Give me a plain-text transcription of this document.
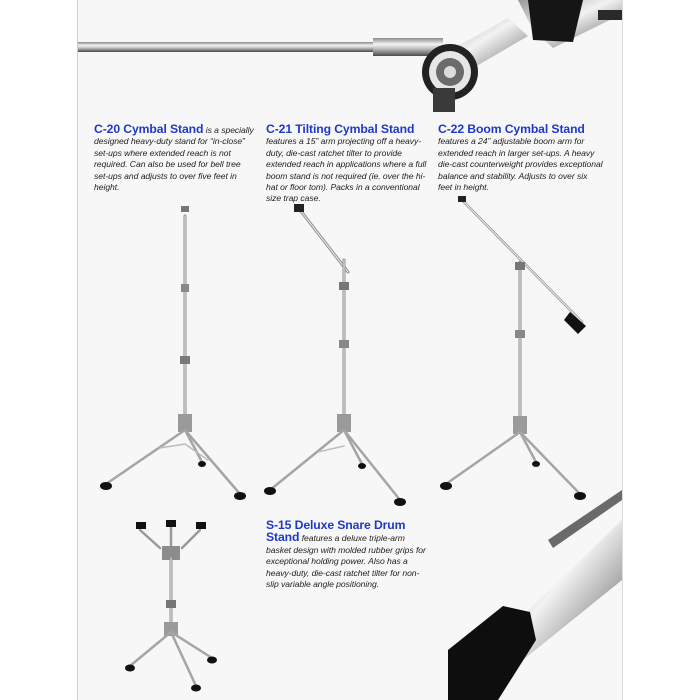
C-20 Cymbal Stand is a specially designed heavy-duty stand for “in-close” set-ups where extended reach is not required. Can also be used for bell tree set-ups and adjusts to over five feet in height.
C-21 Tilting Cymbal Stand features a 15” arm projecting off a heavy-duty, die-cast ratchet tilter to provide extended reach in applications where a full boom stand is not required (ie. over the hi-hat or floor tom). Packs in a conventional size trap case.
C-22 Boom Cymbal Stand features a 24” adjustable boom arm for extended reach in larger set-ups. A heavy die-cast counterweight provides exceptional balance and stability. Adjusts to over six feet in height.
S-15 Deluxe Snare Drum Stand features a deluxe triple-arm basket design with molded rubber grips for exceptional holding power. Also has a heavy-duty, die-cast ratchet tilter for non-slip variable angle positioning.
